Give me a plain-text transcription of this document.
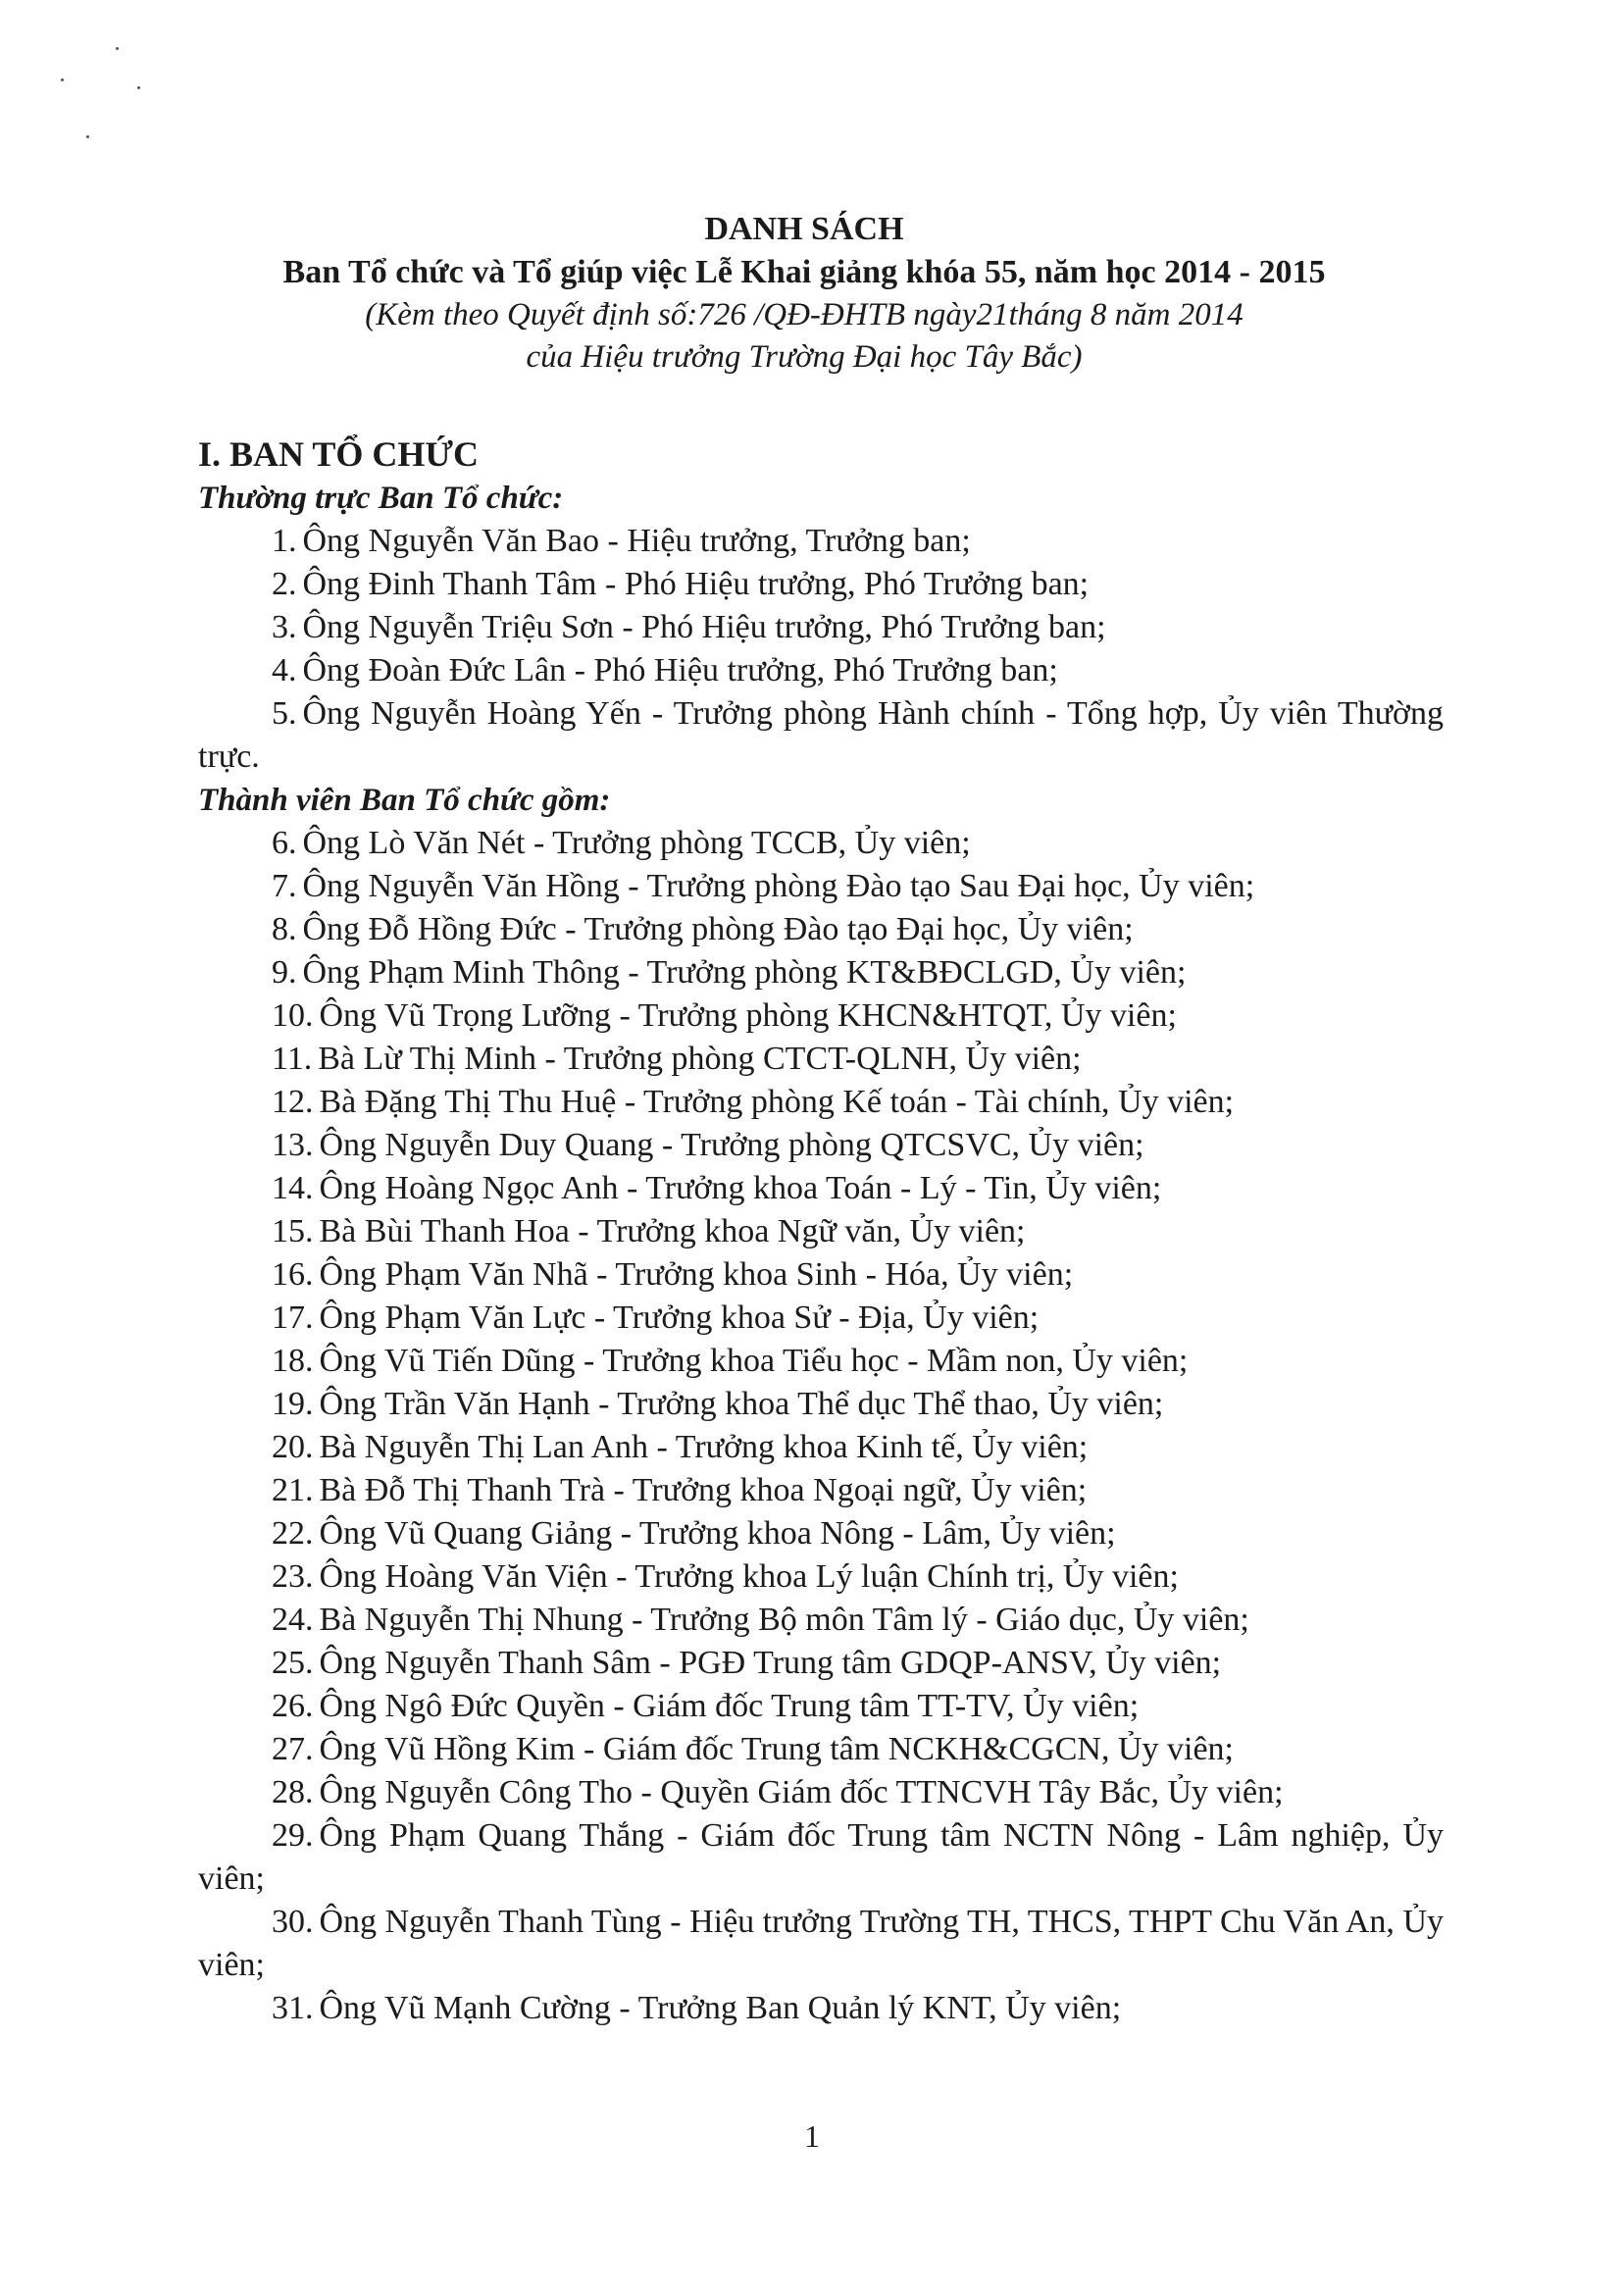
DANH SÁCH
Ban Tổ chức và Tổ giúp việc Lễ Khai giảng khóa 55, năm học 2014 - 2015
(Kèm theo Quyết định số:726 /QĐ-ĐHTB ngày21tháng 8 năm 2014
của Hiệu trưởng Trường Đại học Tây Bắc)
I. BAN TỔ CHỨC
Thường trực Ban Tổ chức:
1. Ông Nguyễn Văn Bao - Hiệu trưởng, Trưởng ban;
2. Ông Đinh Thanh Tâm - Phó Hiệu trưởng, Phó Trưởng ban;
3. Ông Nguyễn Triệu Sơn - Phó Hiệu trưởng, Phó Trưởng ban;
4. Ông Đoàn Đức Lân - Phó Hiệu trưởng, Phó Trưởng ban;
5. Ông Nguyễn Hoàng Yến - Trưởng phòng Hành chính - Tổng hợp, Ủy viên Thường trực.
Thành viên Ban Tổ chức gồm:
6. Ông Lò Văn Nét - Trưởng phòng TCCB, Ủy viên;
7. Ông Nguyễn Văn Hồng - Trưởng phòng Đào tạo Sau Đại học, Ủy viên;
8. Ông Đỗ Hồng Đức - Trưởng phòng Đào tạo Đại học, Ủy viên;
9. Ông Phạm Minh Thông - Trưởng phòng KT&BĐCLGD, Ủy viên;
10. Ông Vũ Trọng Lưỡng - Trưởng phòng KHCN&HTQT, Ủy viên;
11. Bà Lừ Thị Minh - Trưởng phòng CTCT-QLNH, Ủy viên;
12. Bà Đặng Thị Thu Huệ - Trưởng phòng Kế toán - Tài chính, Ủy viên;
13. Ông Nguyễn Duy Quang - Trưởng phòng QTCSVC, Ủy viên;
14. Ông Hoàng Ngọc Anh - Trưởng khoa Toán - Lý - Tin, Ủy viên;
15. Bà Bùi Thanh Hoa - Trưởng khoa Ngữ văn, Ủy viên;
16. Ông Phạm Văn Nhã - Trưởng khoa Sinh - Hóa, Ủy viên;
17. Ông Phạm Văn Lực - Trưởng khoa Sử - Địa, Ủy viên;
18. Ông Vũ Tiến Dũng - Trưởng khoa Tiểu học - Mầm non, Ủy viên;
19. Ông Trần Văn Hạnh - Trưởng khoa Thể dục Thể thao, Ủy viên;
20. Bà Nguyễn Thị Lan Anh - Trưởng khoa Kinh tế, Ủy viên;
21. Bà Đỗ Thị Thanh Trà - Trưởng khoa Ngoại ngữ, Ủy viên;
22. Ông Vũ Quang Giảng - Trưởng khoa Nông - Lâm, Ủy viên;
23. Ông Hoàng Văn Viện - Trưởng khoa Lý luận Chính trị, Ủy viên;
24. Bà Nguyễn Thị Nhung - Trưởng Bộ môn Tâm lý - Giáo dục, Ủy viên;
25. Ông Nguyễn Thanh Sâm - PGĐ Trung tâm GDQP-ANSV, Ủy viên;
26. Ông Ngô Đức Quyền - Giám đốc Trung tâm TT-TV, Ủy viên;
27. Ông Vũ Hồng Kim - Giám đốc Trung tâm NCKH&CGCN, Ủy viên;
28. Ông Nguyễn Công Tho - Quyền Giám đốc TTNCVH Tây Bắc, Ủy viên;
29. Ông Phạm Quang Thắng - Giám đốc Trung tâm NCTN Nông - Lâm nghiệp, Ủy viên;
30. Ông Nguyễn Thanh Tùng - Hiệu trưởng Trường TH, THCS, THPT Chu Văn An, Ủy viên;
31. Ông Vũ Mạnh Cường - Trưởng Ban Quản lý KNT, Ủy viên;
1
